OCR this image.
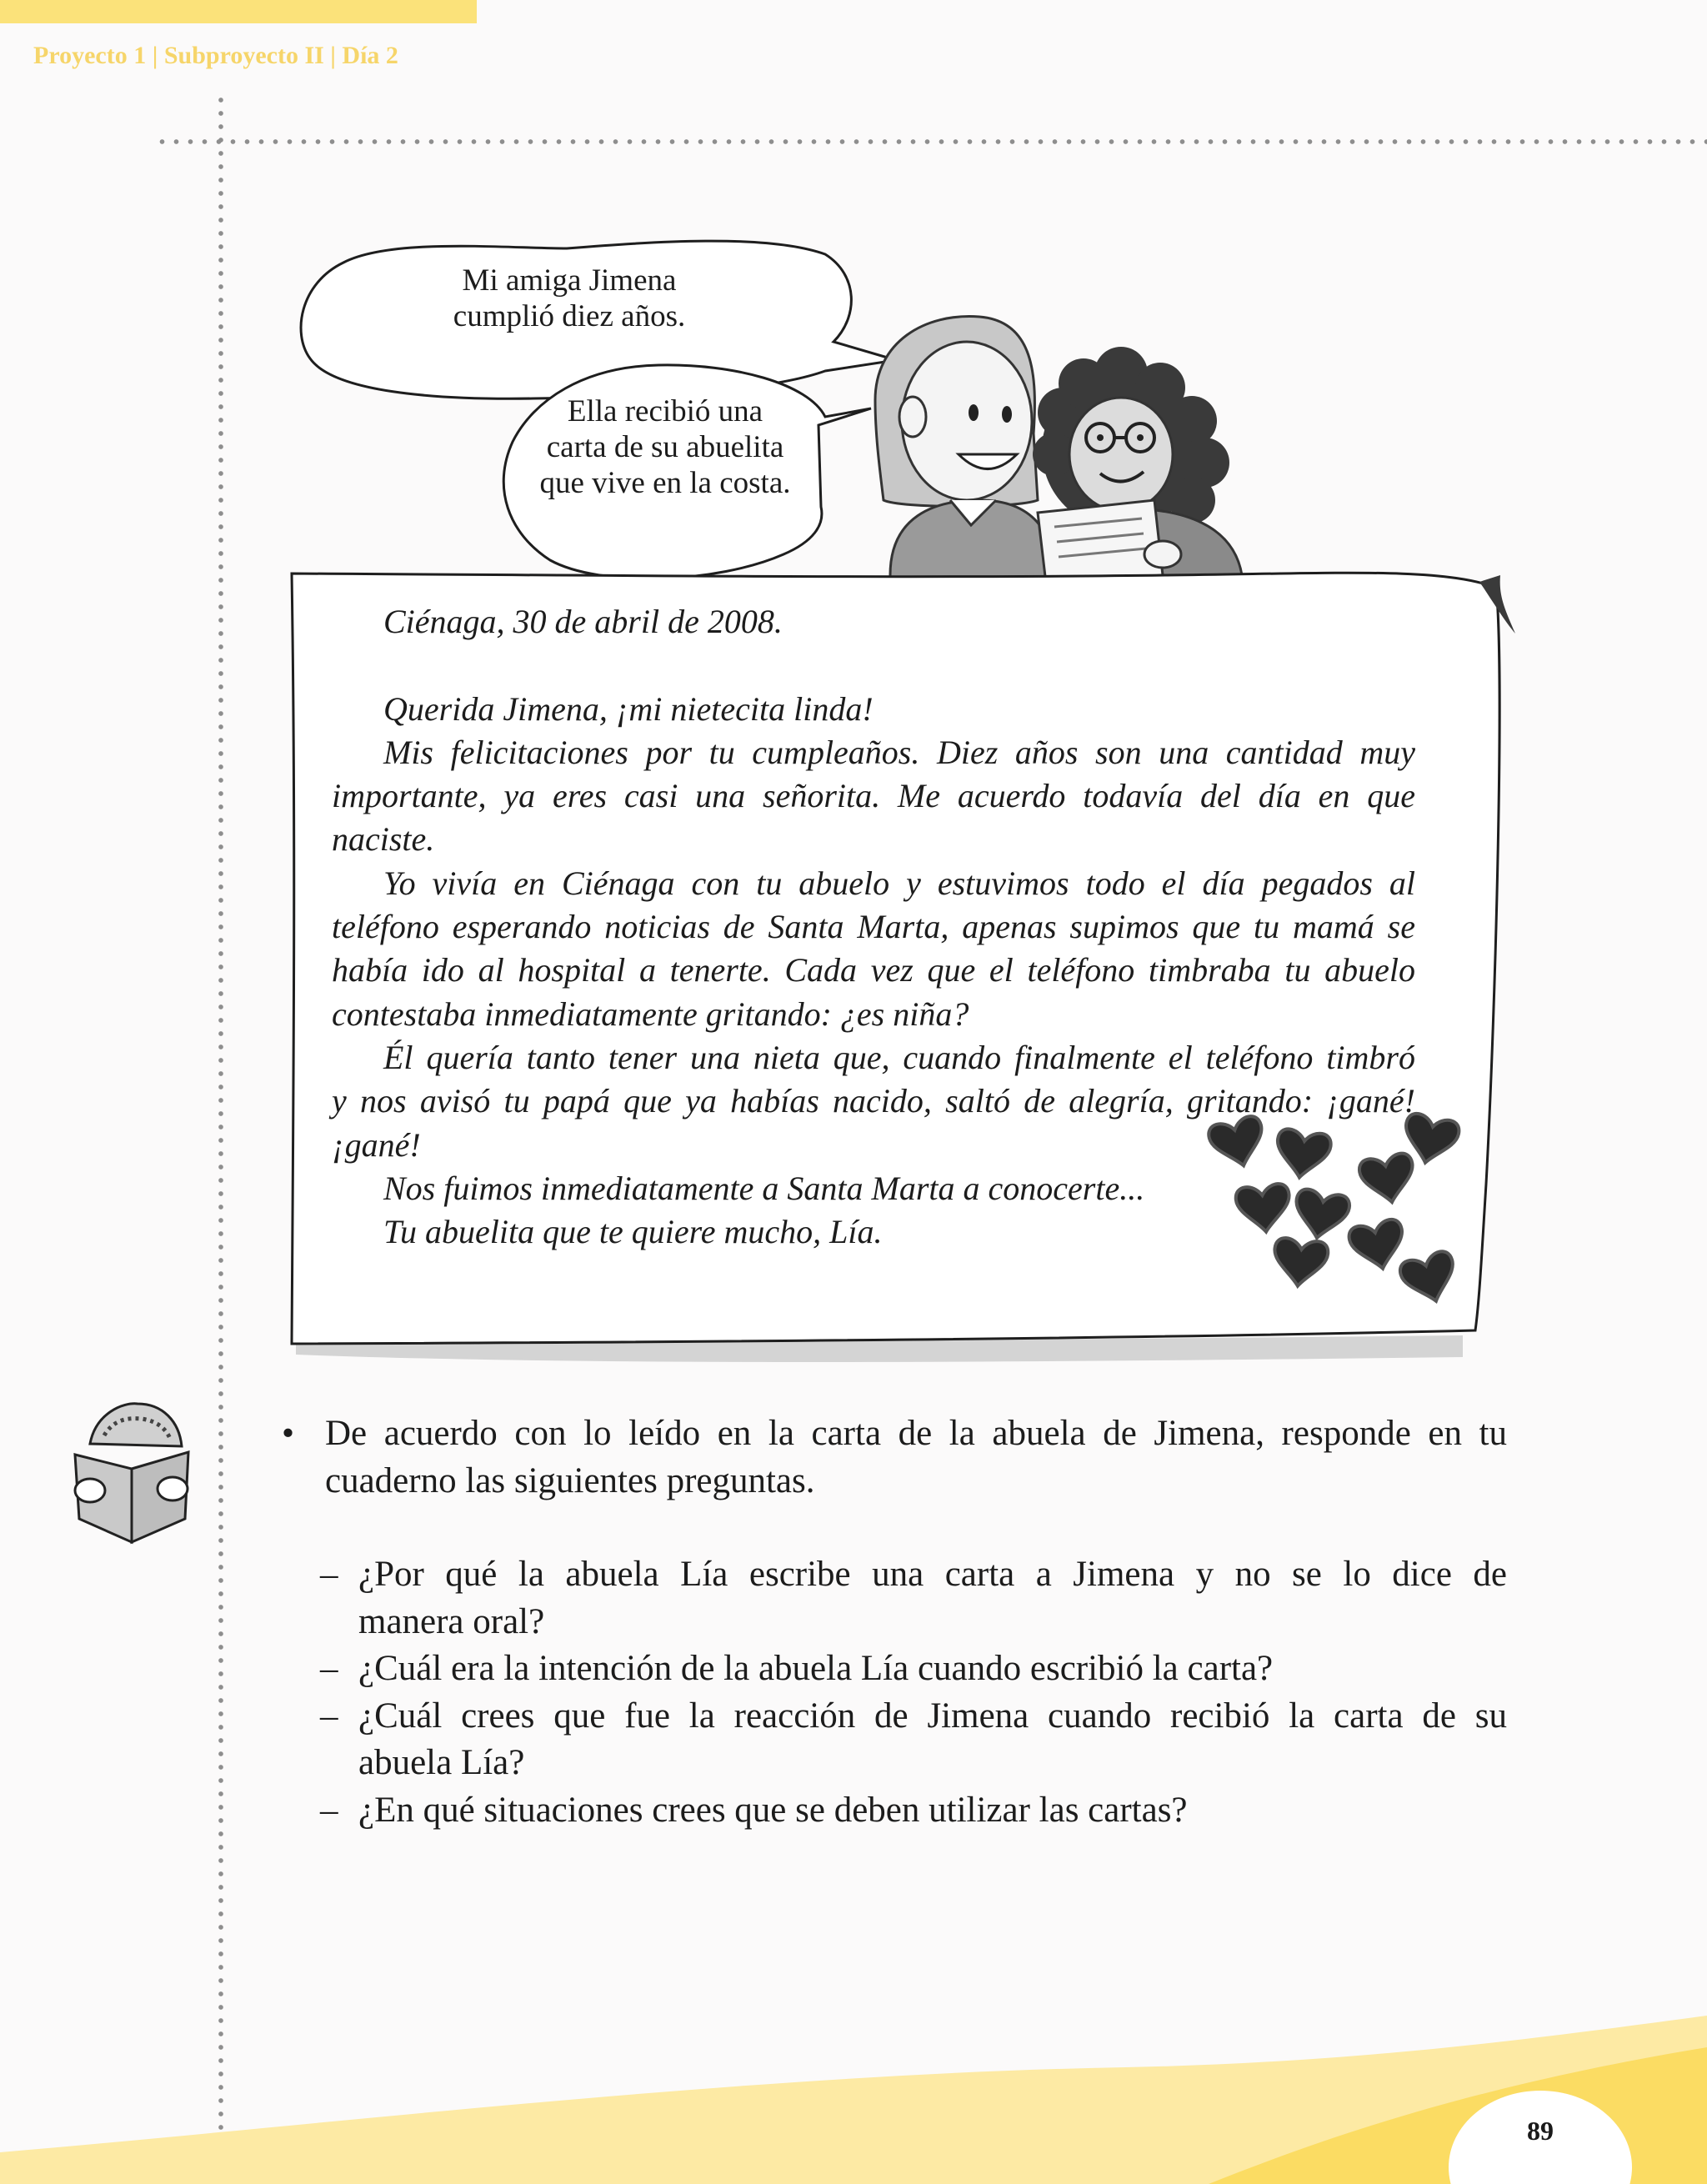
Proyecto 1 | Subproyecto II | Día 2
Mi amiga Jimena
cumplió diez años.
Ella recibió una
carta de su abuelita
que vive en la costa.
Ciénaga, 30 de abril de 2008.
Querida Jimena, ¡mi nietecita linda!
Mis felicitaciones por tu cumpleaños. Diez años son una cantidad muy
importante, ya eres casi una señorita. Me acuerdo todavía del día en que
naciste.
Yo vivía en Ciénaga con tu abuelo y estuvimos todo el día pegados al
teléfono esperando noticias de Santa Marta, apenas supimos que tu mamá se
había ido al hospital a tenerte. Cada vez que el teléfono timbraba tu abuelo
contestaba inmediatamente gritando: ¿es niña?
Él quería tanto tener una nieta que, cuando finalmente el teléfono timbró
y nos avisó tu papá que ya habías nacido, saltó de alegría, gritando: ¡gané!
¡gané!
Nos fuimos inmediatamente a Santa Marta a conocerte...
Tu abuelita que te quiere mucho, Lía.
• De acuerdo con lo leído en la carta de la abuela de Jimena, responde en tu
cuaderno las siguientes preguntas.
– ¿Por qué la abuela Lía escribe una carta a Jimena y no se lo dice de
manera oral?
– ¿Cuál era la intención de la abuela Lía cuando escribió la carta?
– ¿Cuál crees que fue la reacción de Jimena cuando recibió la carta de su
abuela Lía?
– ¿En qué situaciones crees que se deben utilizar las cartas?
89
